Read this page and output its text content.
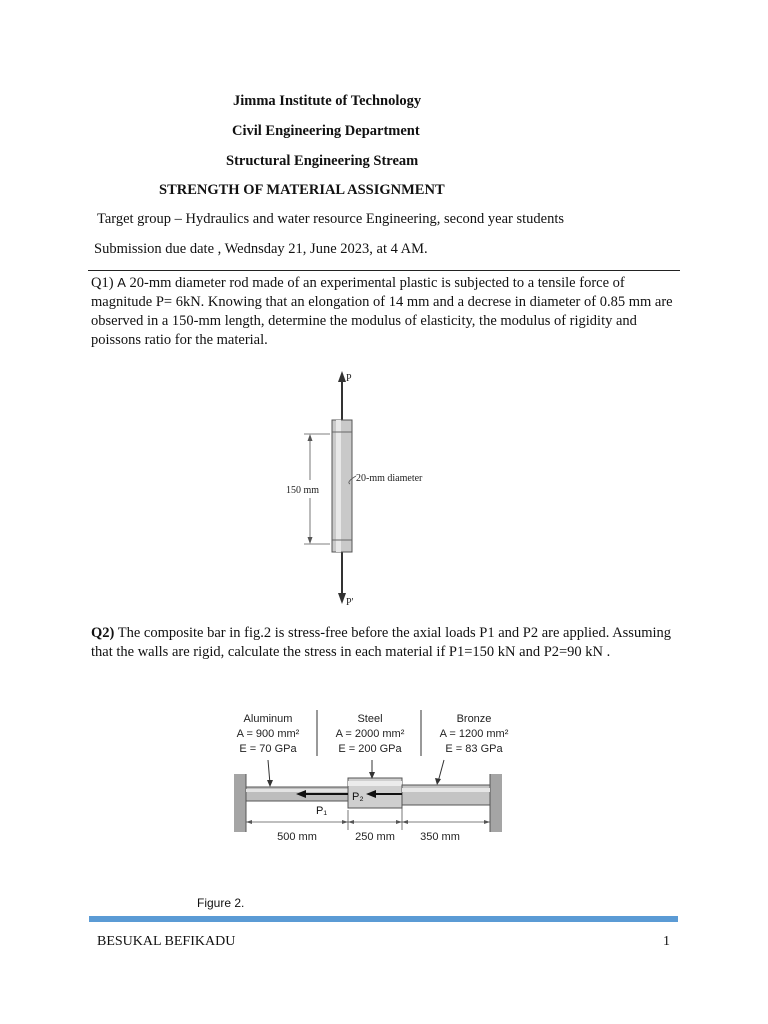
Jimma Institute of Technology
Civil Engineering Department
Structural Engineering Stream
STRENGTH OF MATERIAL ASSIGNMENT
Target group – Hydraulics and water resource Engineering, second year students
Submission due date , Wednsday 21, June 2023, at 4 AM.
Q1) A 20-mm diameter rod made of an experimental plastic is subjected to a tensile force of magnitude P= 6kN. Knowing that an elongation of 14 mm and a decrese in diameter of 0.85 mm are observed in a 150-mm length, determine the modulus of elasticity, the modulus of rigidity and poissons ratio for the material.
P
P'
150 mm
20-mm diameter
Q2) The composite bar in fig.2 is stress-free before the axial loads P1 and P2 are applied. Assuming that the walls are rigid, calculate the stress in each material if P1=150 kN and P2=90 kN .
Aluminum
A = 900 mm²
E = 70 GPa
Steel
A = 2000 mm²
E = 200 GPa
Bronze
A = 1200 mm²
E = 83 GPa
P₂
P₁
500 mm	250 mm 350 mm
Figure 2.
BESUKAL BEFIKADU	1
